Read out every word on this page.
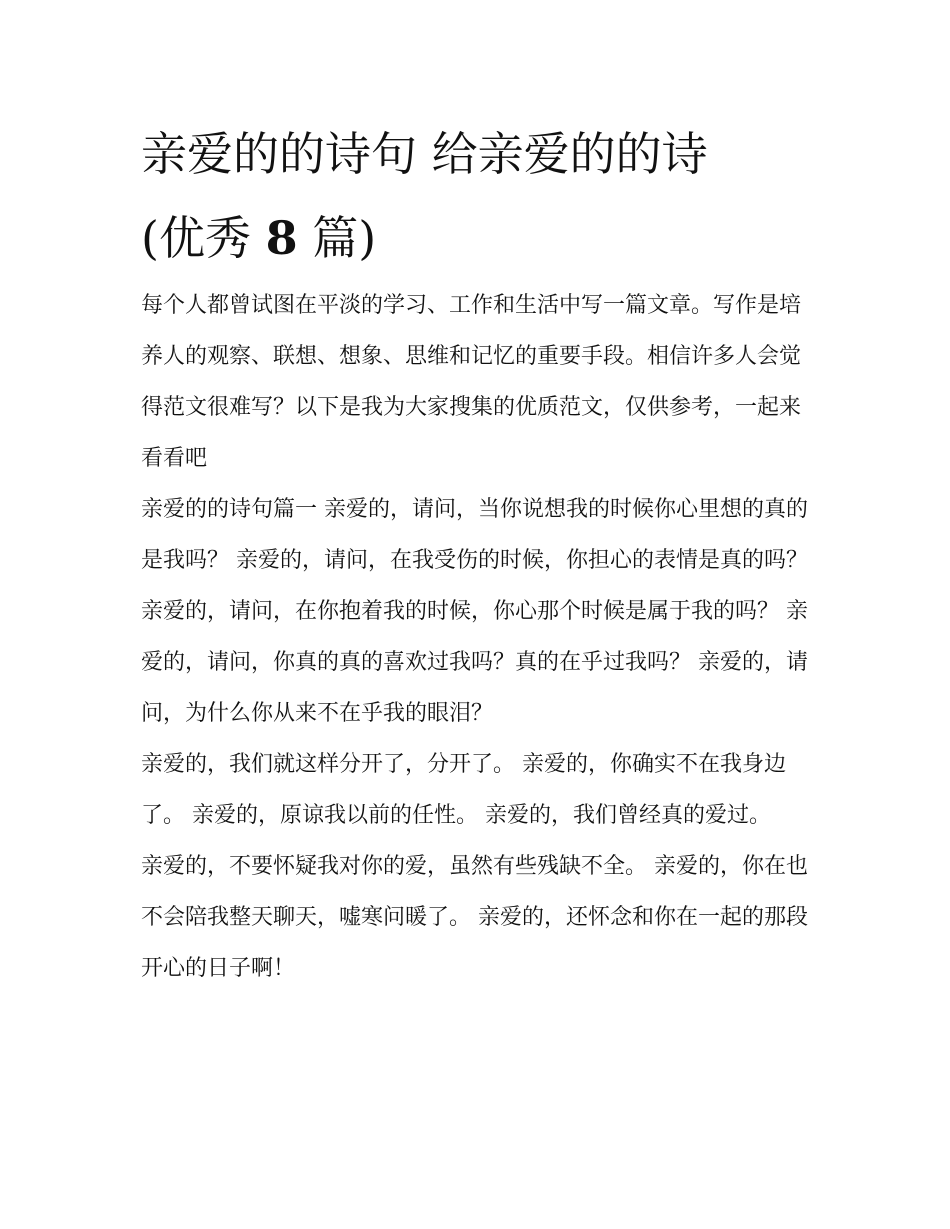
亲爱的的诗句 给亲爱的的诗
(优秀 8 篇)

每个人都曾试图在平淡的学习、工作和生活中写一篇文章。写作是培养人的观察、联想、想象、思维和记忆的重要手段。相信许多人会觉得范文很难写？以下是我为大家搜集的优质范文，仅供参考，一起来看看吧

亲爱的的诗句篇一 亲爱的，请问，当你说想我的时候你心里想的真的是我吗？ 亲爱的，请问，在我受伤的时候，你担心的表情是真的吗？

亲爱的，请问，在你抱着我的时候，你心那个时候是属于我的吗？ 亲爱的，请问，你真的真的喜欢过我吗？真的在乎过我吗？ 亲爱的，请问，为什么你从来不在乎我的眼泪？

亲爱的，我们就这样分开了，分开了。 亲爱的，你确实不在我身边了。 亲爱的，原谅我以前的任性。 亲爱的，我们曾经真的爱过。

亲爱的，不要怀疑我对你的爱，虽然有些残缺不全。 亲爱的，你在也不会陪我整天聊天，嘘寒问暖了。 亲爱的，还怀念和你在一起的那段开心的日子啊！
